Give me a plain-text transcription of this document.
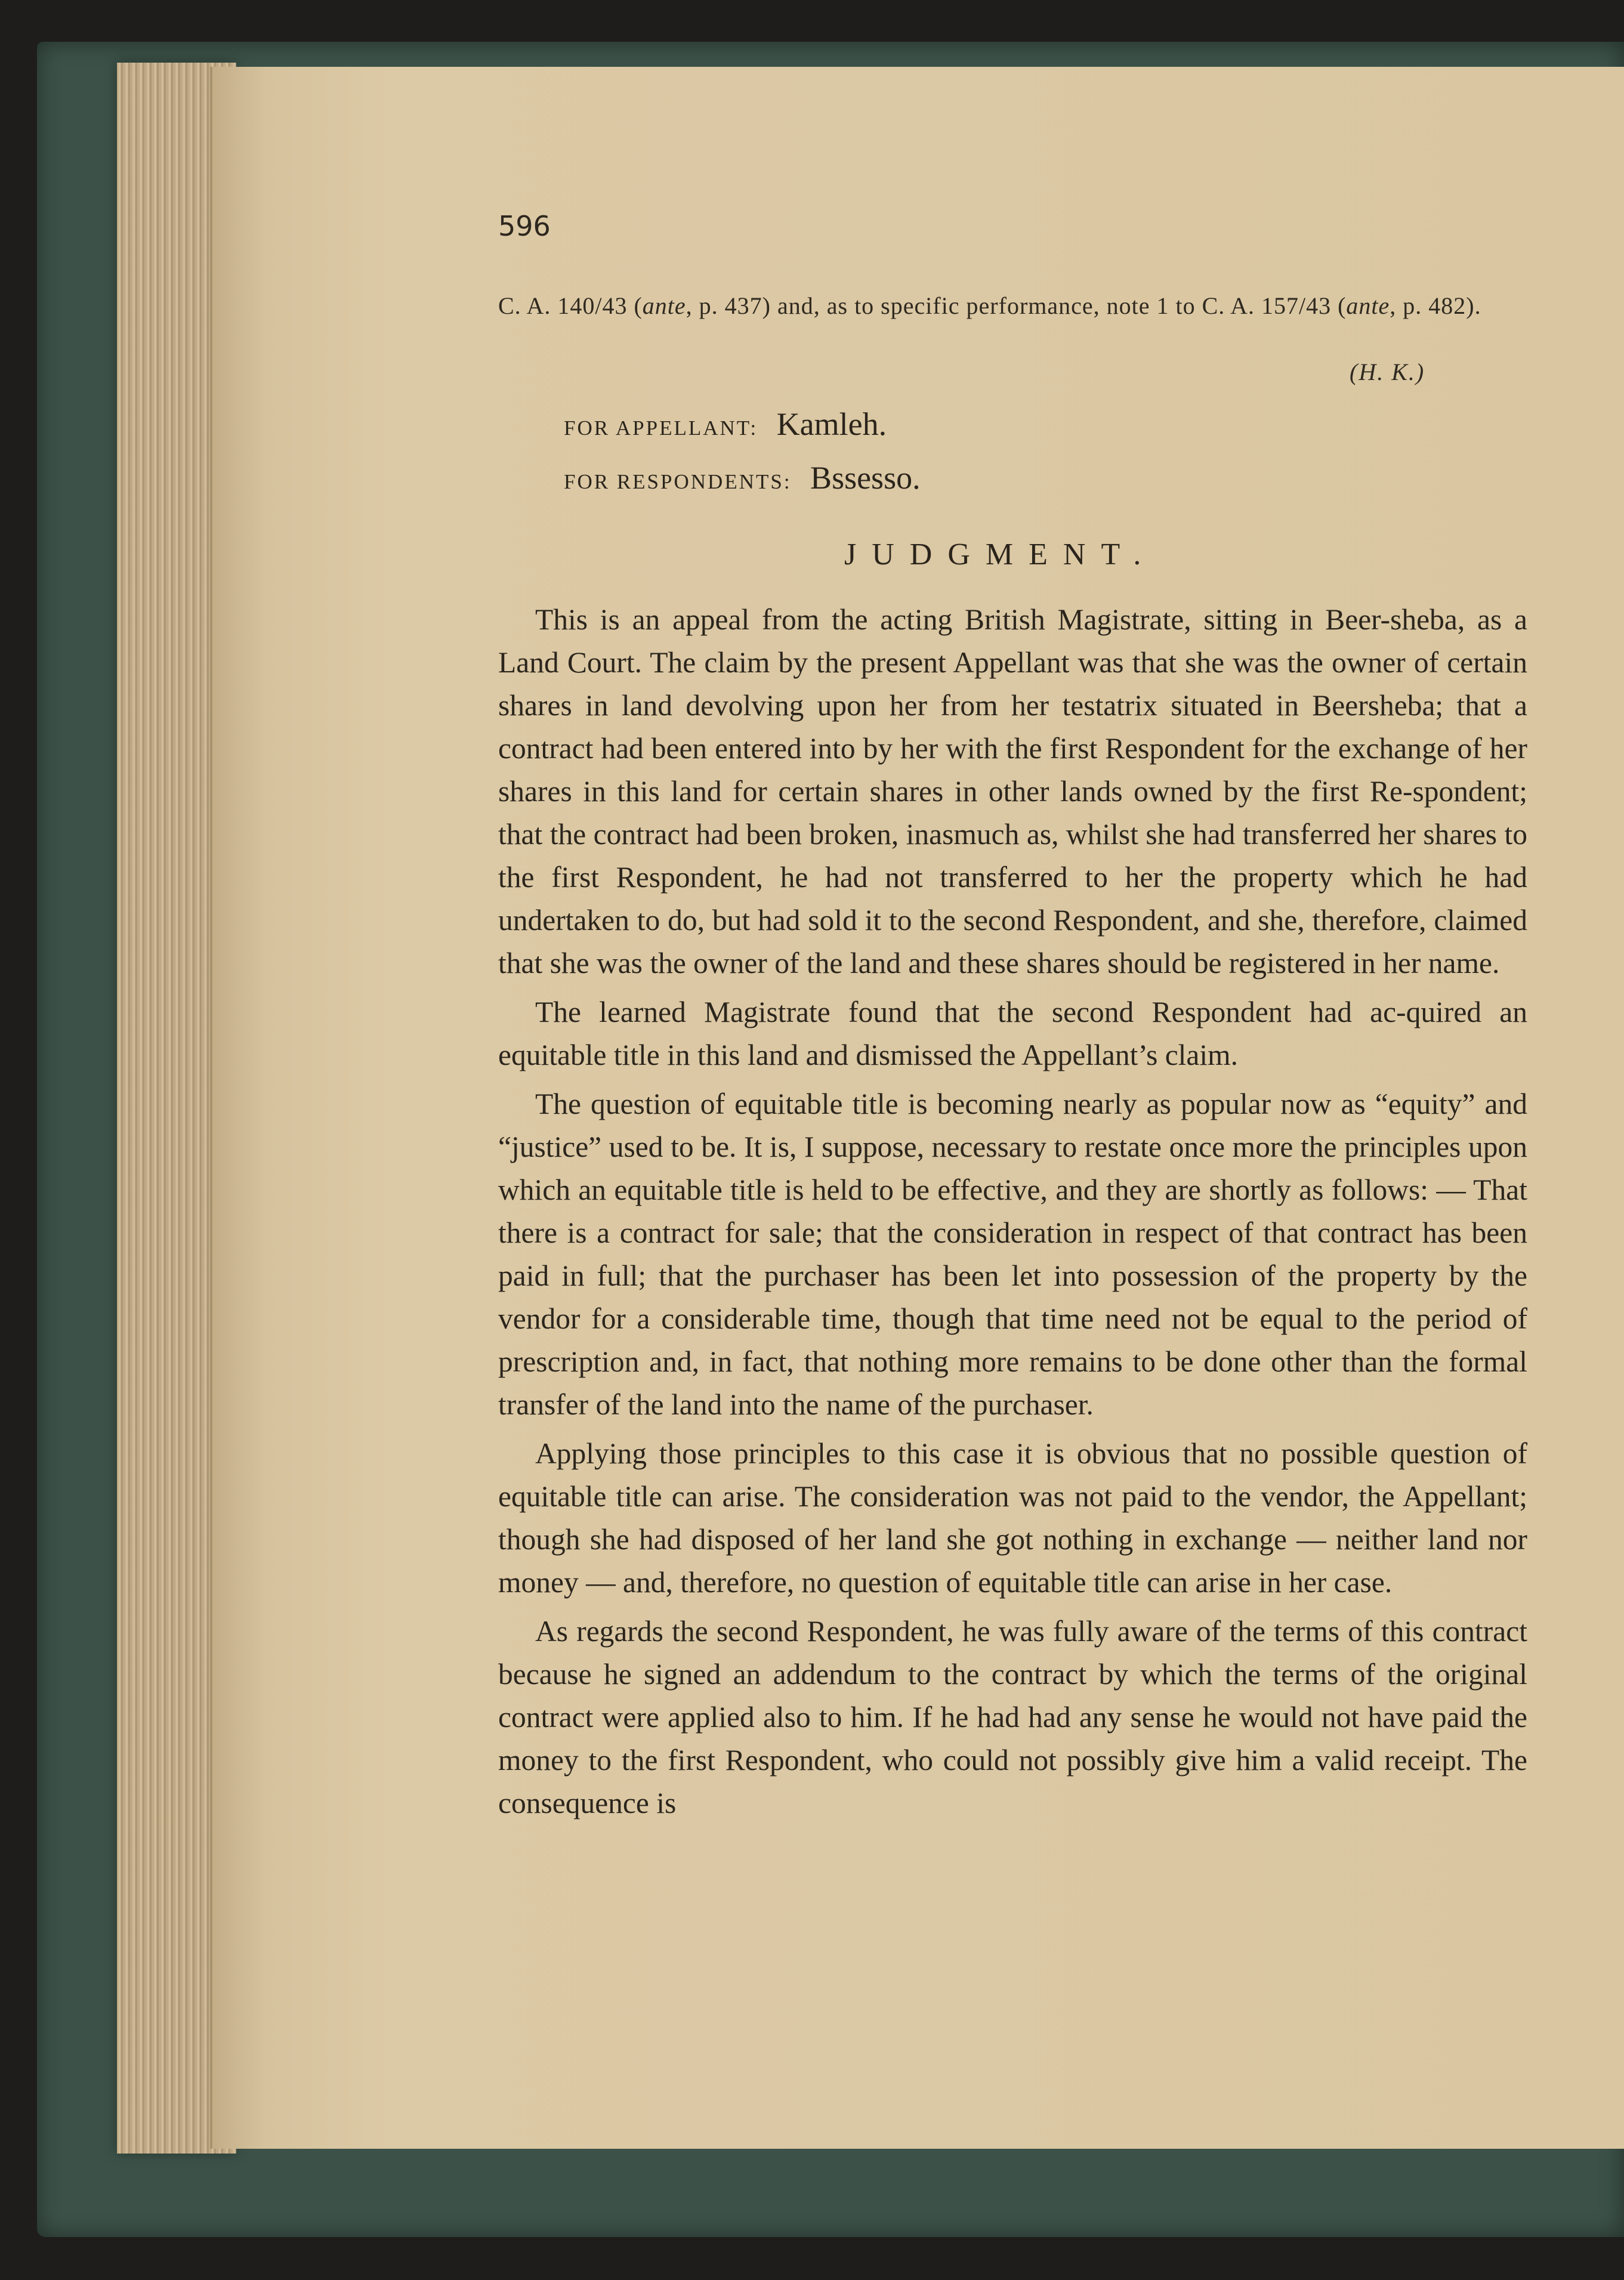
596
C. A. 140/43 (ante, p. 437) and, as to specific performance, note 1 to C. A. 157/43 (ante, p. 482).
(H. K.)
FOR APPELLANT: Kamleh.
FOR RESPONDENTS: Bssesso.
JUDGMENT.

This is an appeal from the acting British Magistrate, sitting in Beer-sheba, as a Land Court. The claim by the present Appellant was that she was the owner of certain shares in land devolving upon her from her testatrix situated in Beersheba; that a contract had been entered into by her with the first Respondent for the exchange of her shares in this land for certain shares in other lands owned by the first Re-spondent; that the contract had been broken, inasmuch as, whilst she had transferred her shares to the first Respondent, he had not transferred to her the property which he had undertaken to do, but had sold it to the second Respondent, and she, therefore, claimed that she was the owner of the land and these shares should be registered in her name.

The learned Magistrate found that the second Respondent had ac-quired an equitable title in this land and dismissed the Appellant’s claim.

The question of equitable title is becoming nearly as popular now as “equity” and “justice” used to be. It is, I suppose, necessary to restate once more the principles upon which an equitable title is held to be effective, and they are shortly as follows: — That there is a contract for sale; that the consideration in respect of that contract has been paid in full; that the purchaser has been let into possession of the property by the vendor for a considerable time, though that time need not be equal to the period of prescription and, in fact, that nothing more remains to be done other than the formal transfer of the land into the name of the purchaser.

Applying those principles to this case it is obvious that no possible question of equitable title can arise. The consideration was not paid to the vendor, the Appellant; though she had disposed of her land she got nothing in exchange — neither land nor money — and, therefore, no question of equitable title can arise in her case.

As regards the second Respondent, he was fully aware of the terms of this contract because he signed an addendum to the contract by which the terms of the original contract were applied also to him. If he had had any sense he would not have paid the money to the first Respondent, who could not possibly give him a valid receipt. The consequence is
